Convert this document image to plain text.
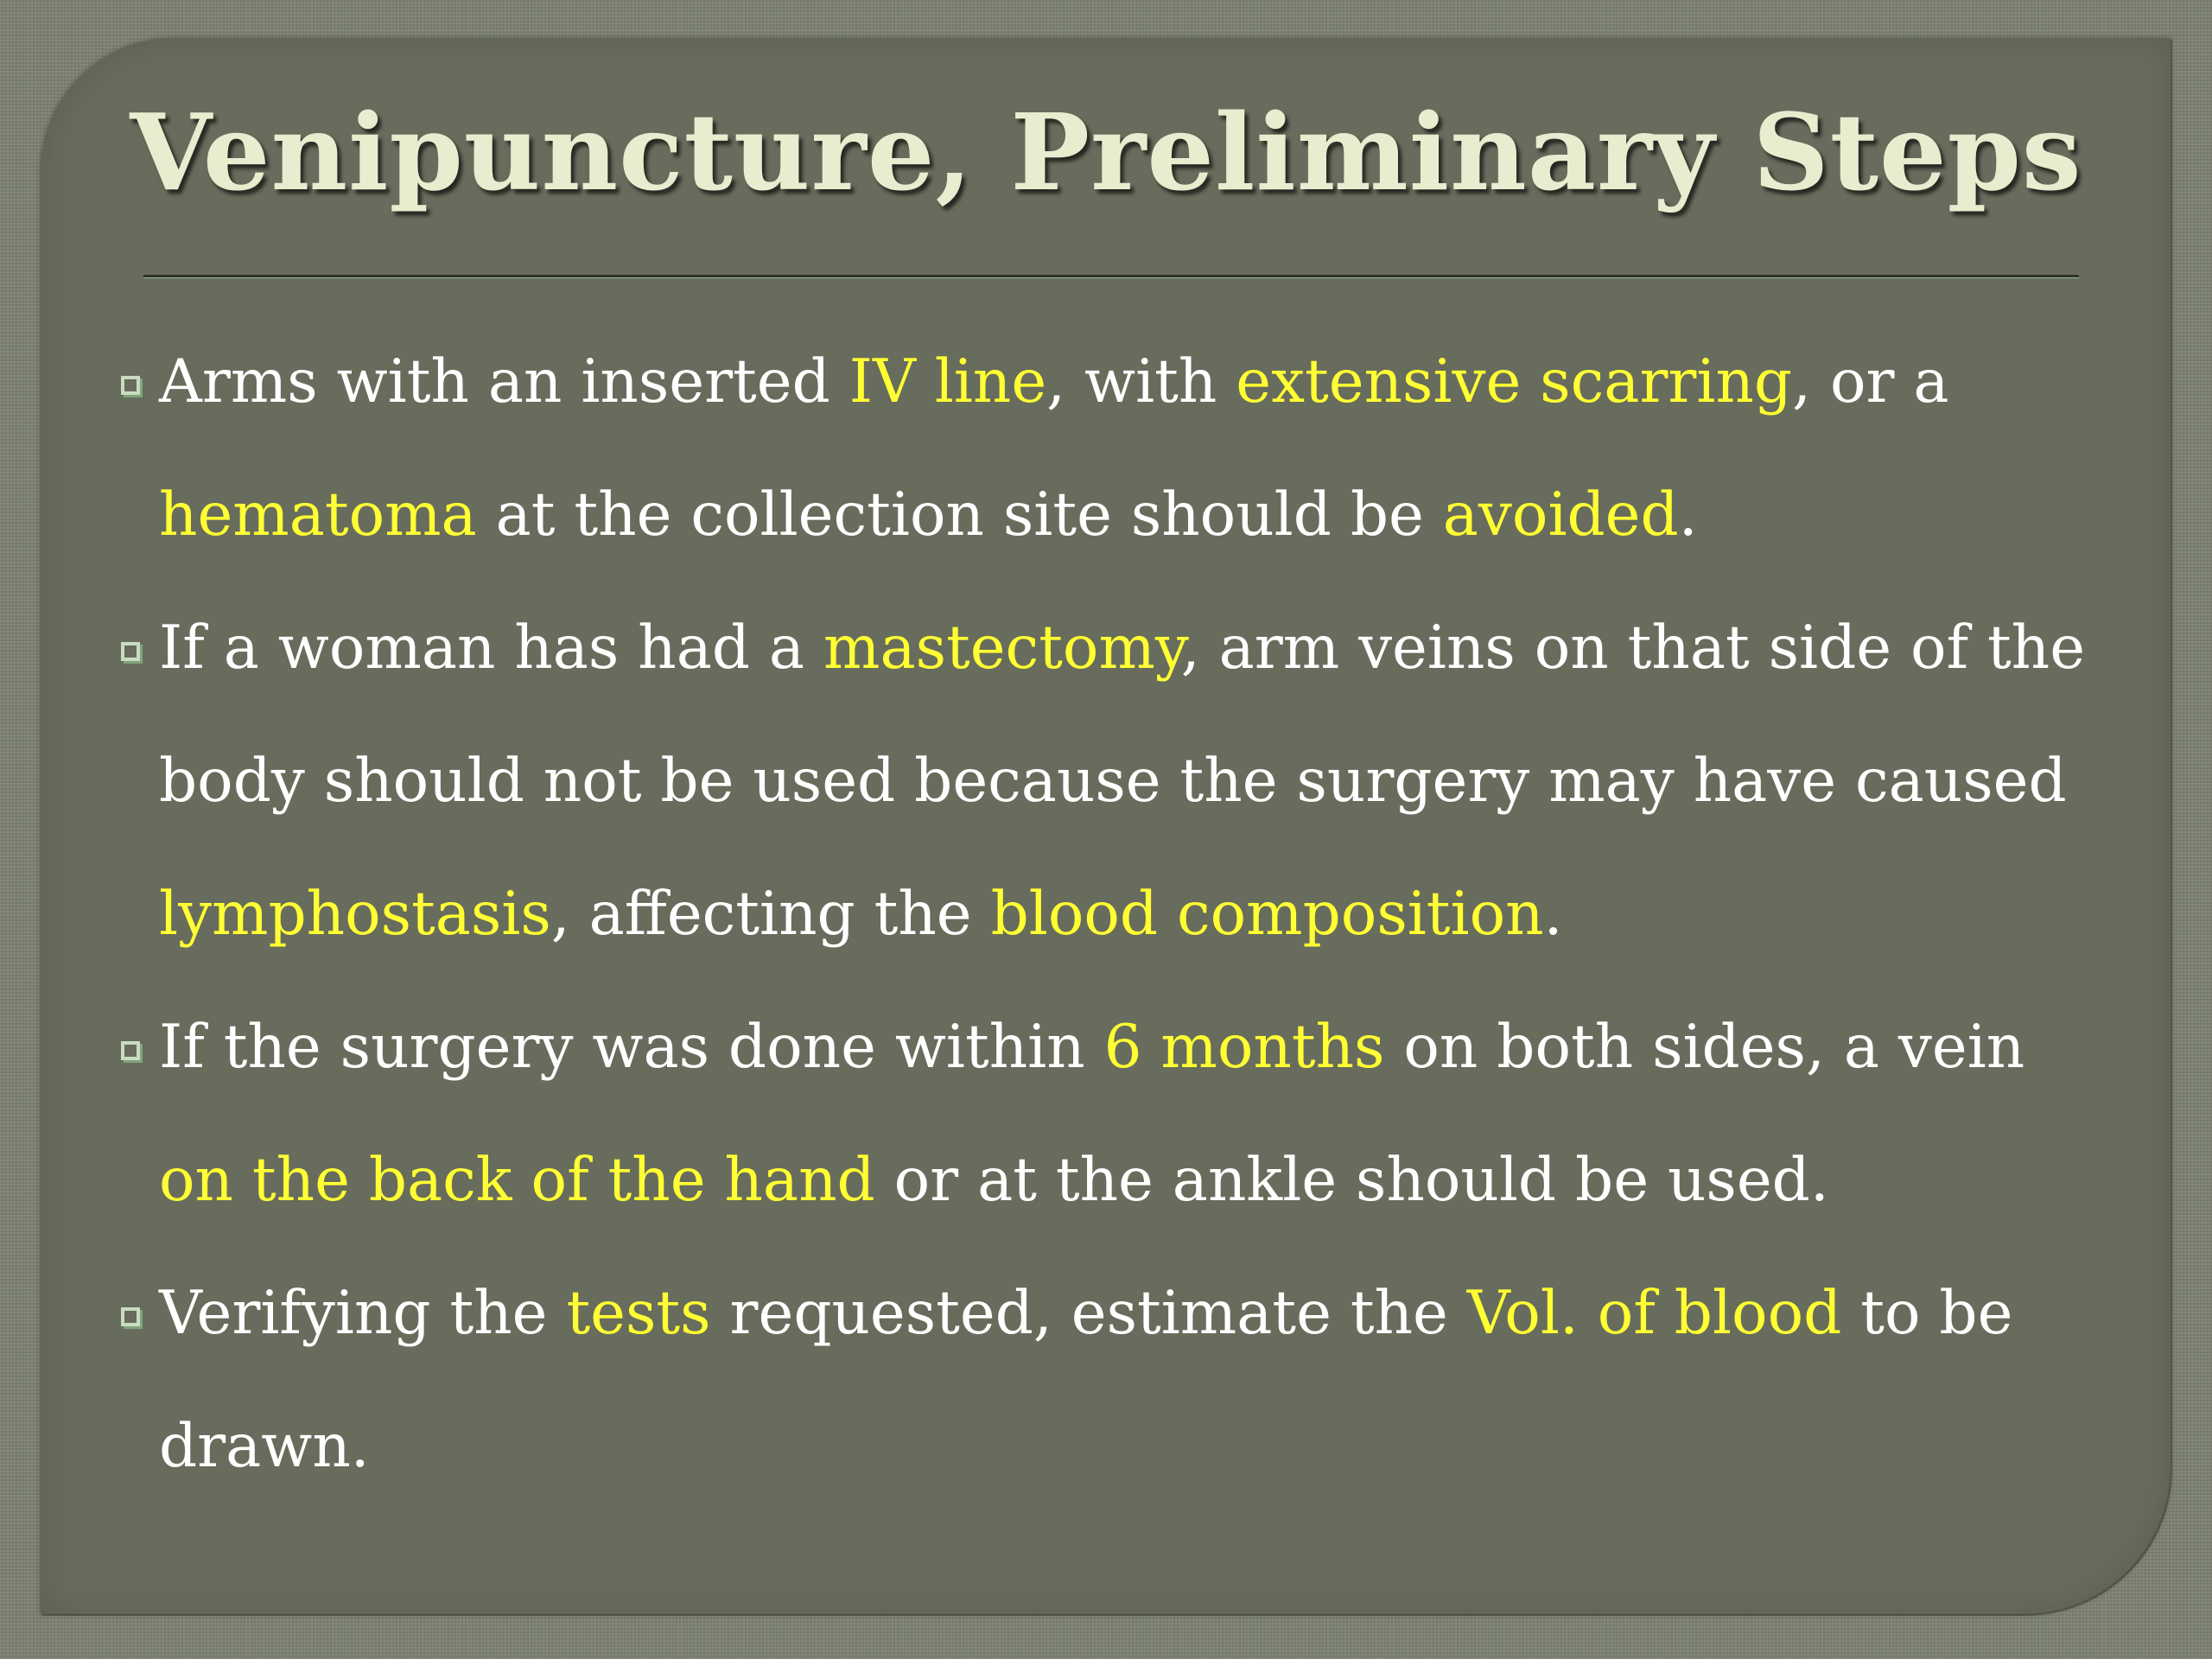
Venipuncture, Preliminary Steps
Arms with an inserted IV line, with extensive scarring, or a hematoma at the collection site should be avoided.
If a woman has had a mastectomy, arm veins on that side of the body should not be used because the surgery may have caused lymphostasis, affecting the blood composition.
If the surgery was done within 6 months on both sides, a vein on the back of the hand or at the ankle should be used.
Verifying the tests requested, estimate the Vol. of blood to be drawn.
